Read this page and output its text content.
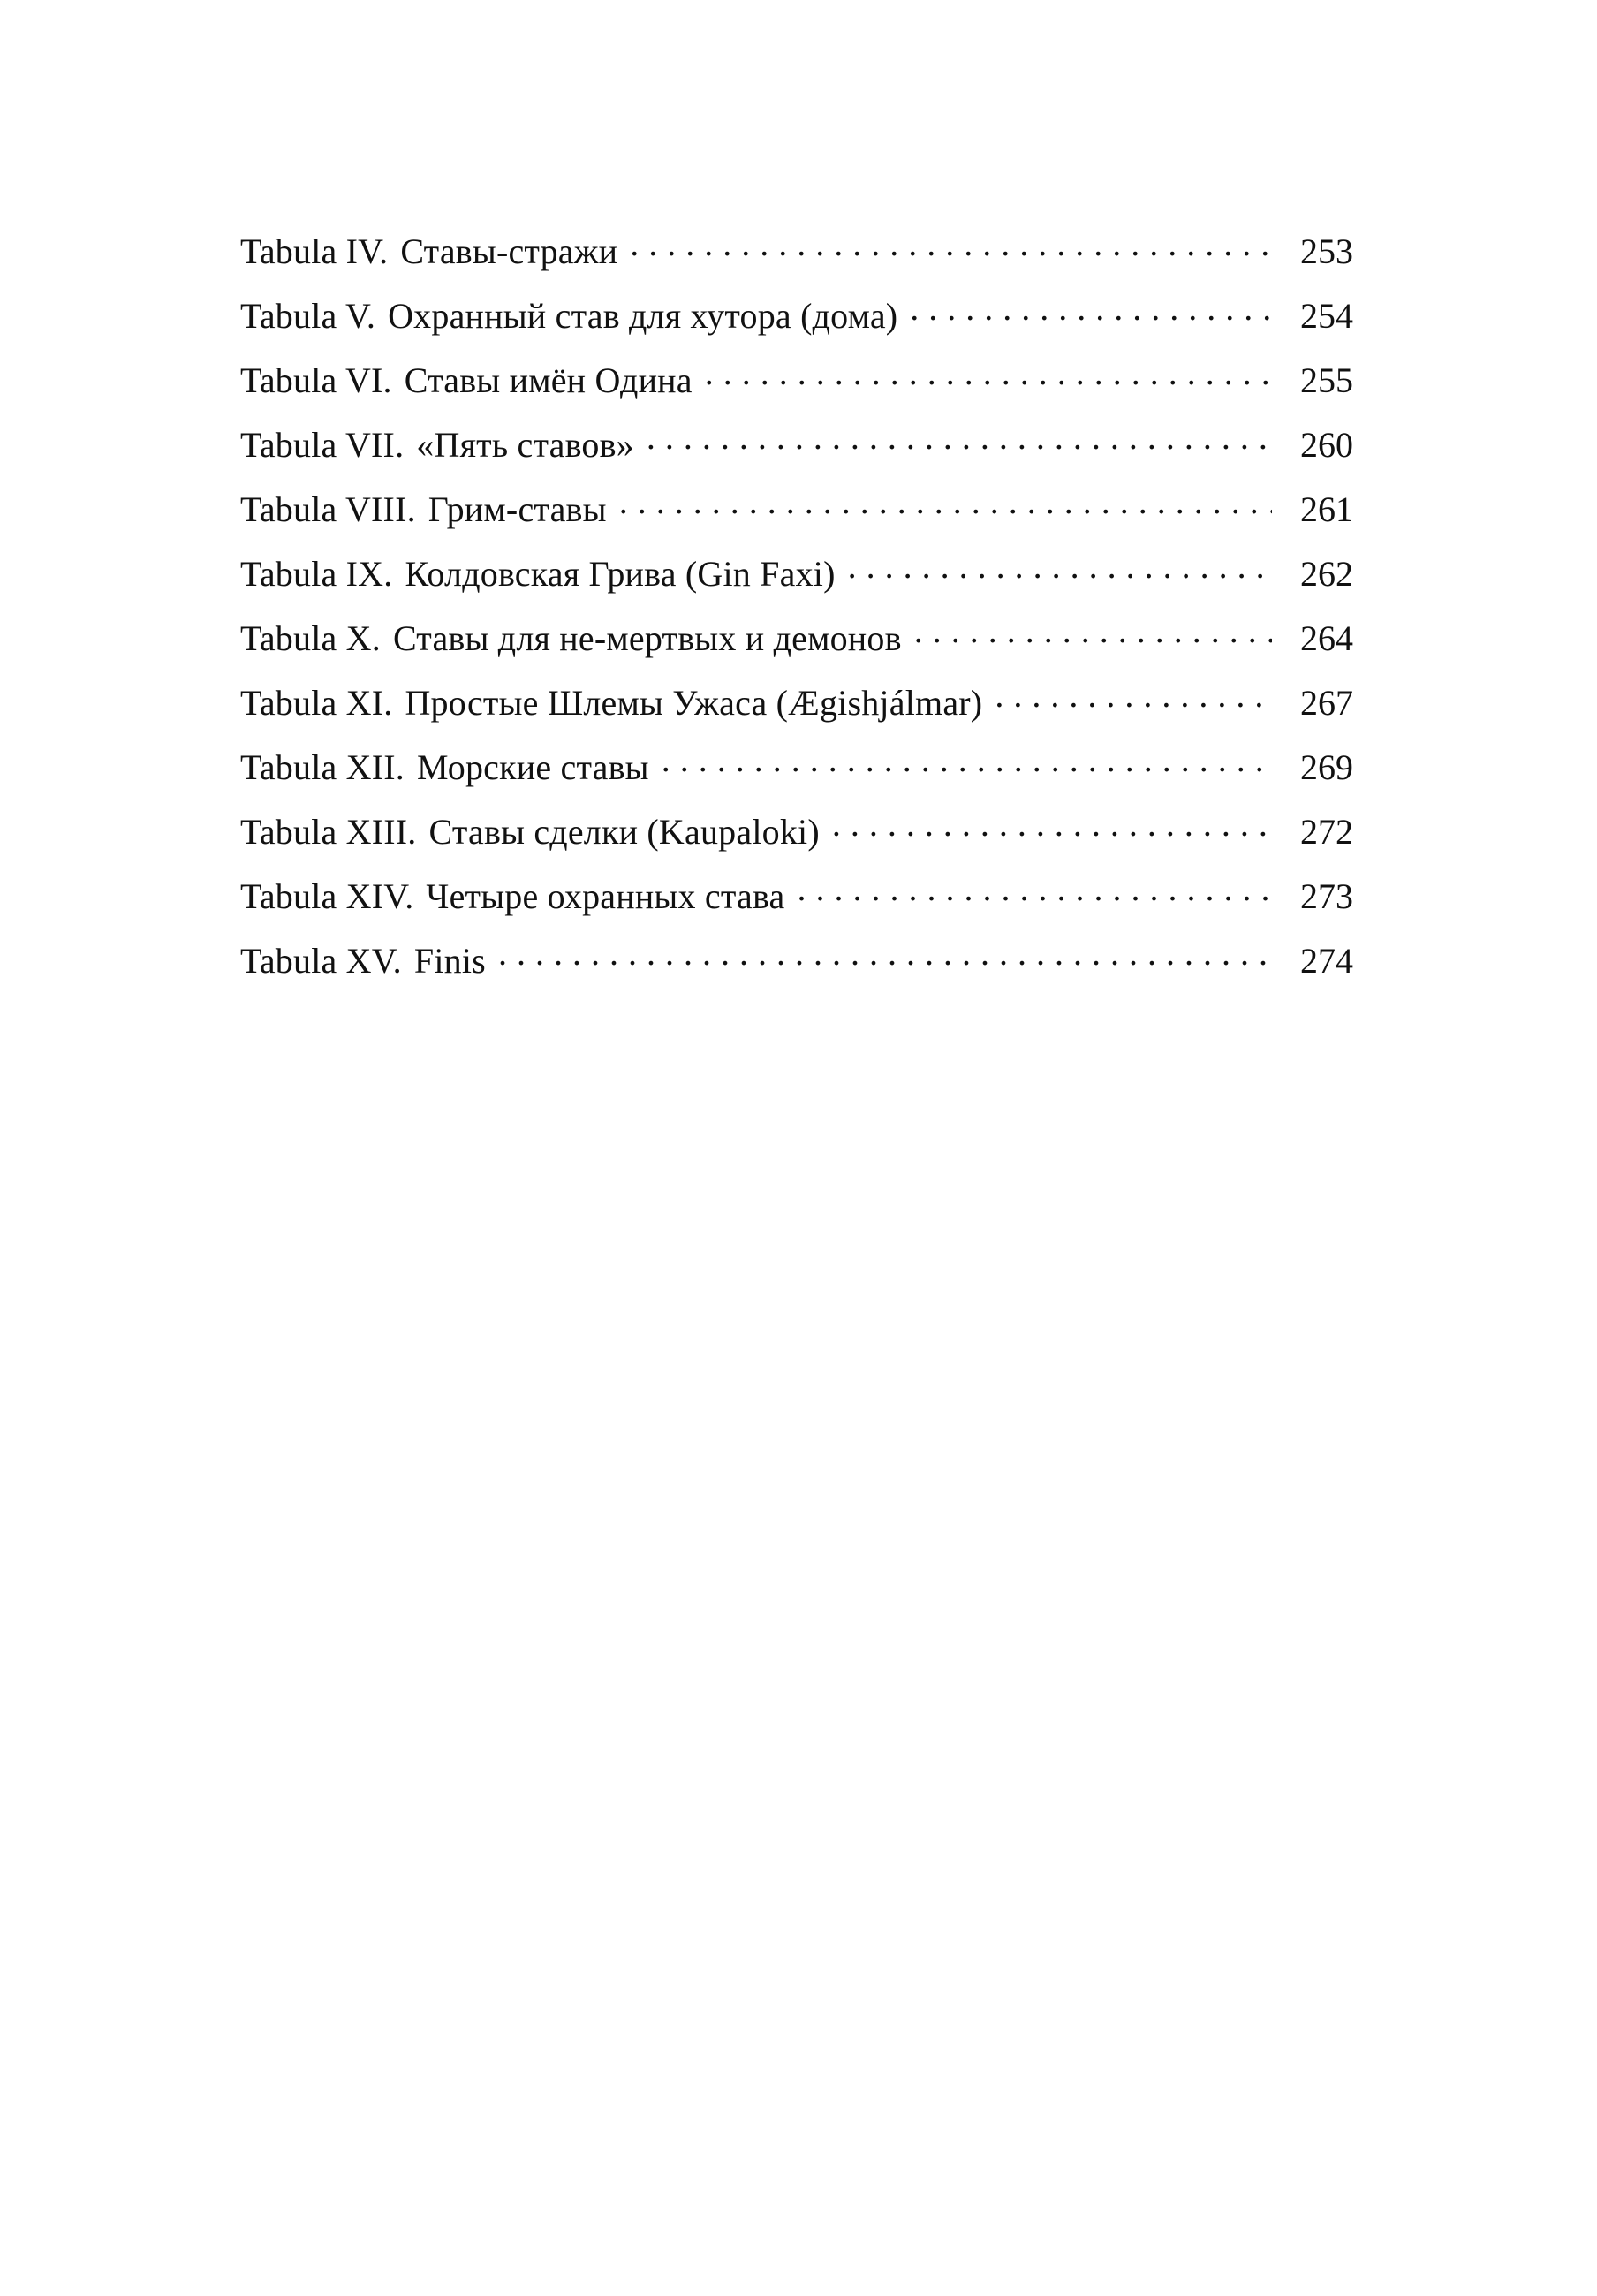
Tabula IV. Ставы-стражи . . .	253
Tabula V. Охранный став для хутора (дома) . . .	254
Tabula VI. Ставы имён Одина . . .	255
Tabula VII. «Пять ставов» . . .	260
Tabula VIII. Грим-ставы . . .	261
Tabula IX. Колдовская Грива (Gin Faxi) . . .	262
Tabula X. Ставы для не-мертвых и демонов . . .	264
Tabula XI. Простые Шлемы Ужаса (Ægishjálmar) . . .	267
Tabula XII. Морские ставы . . .	269
Tabula XIII. Ставы сделки (Kaupaloki) . . .	272
Tabula XIV. Четыре охранных става . . .	273
Tabula XV. Finis . . .	274
